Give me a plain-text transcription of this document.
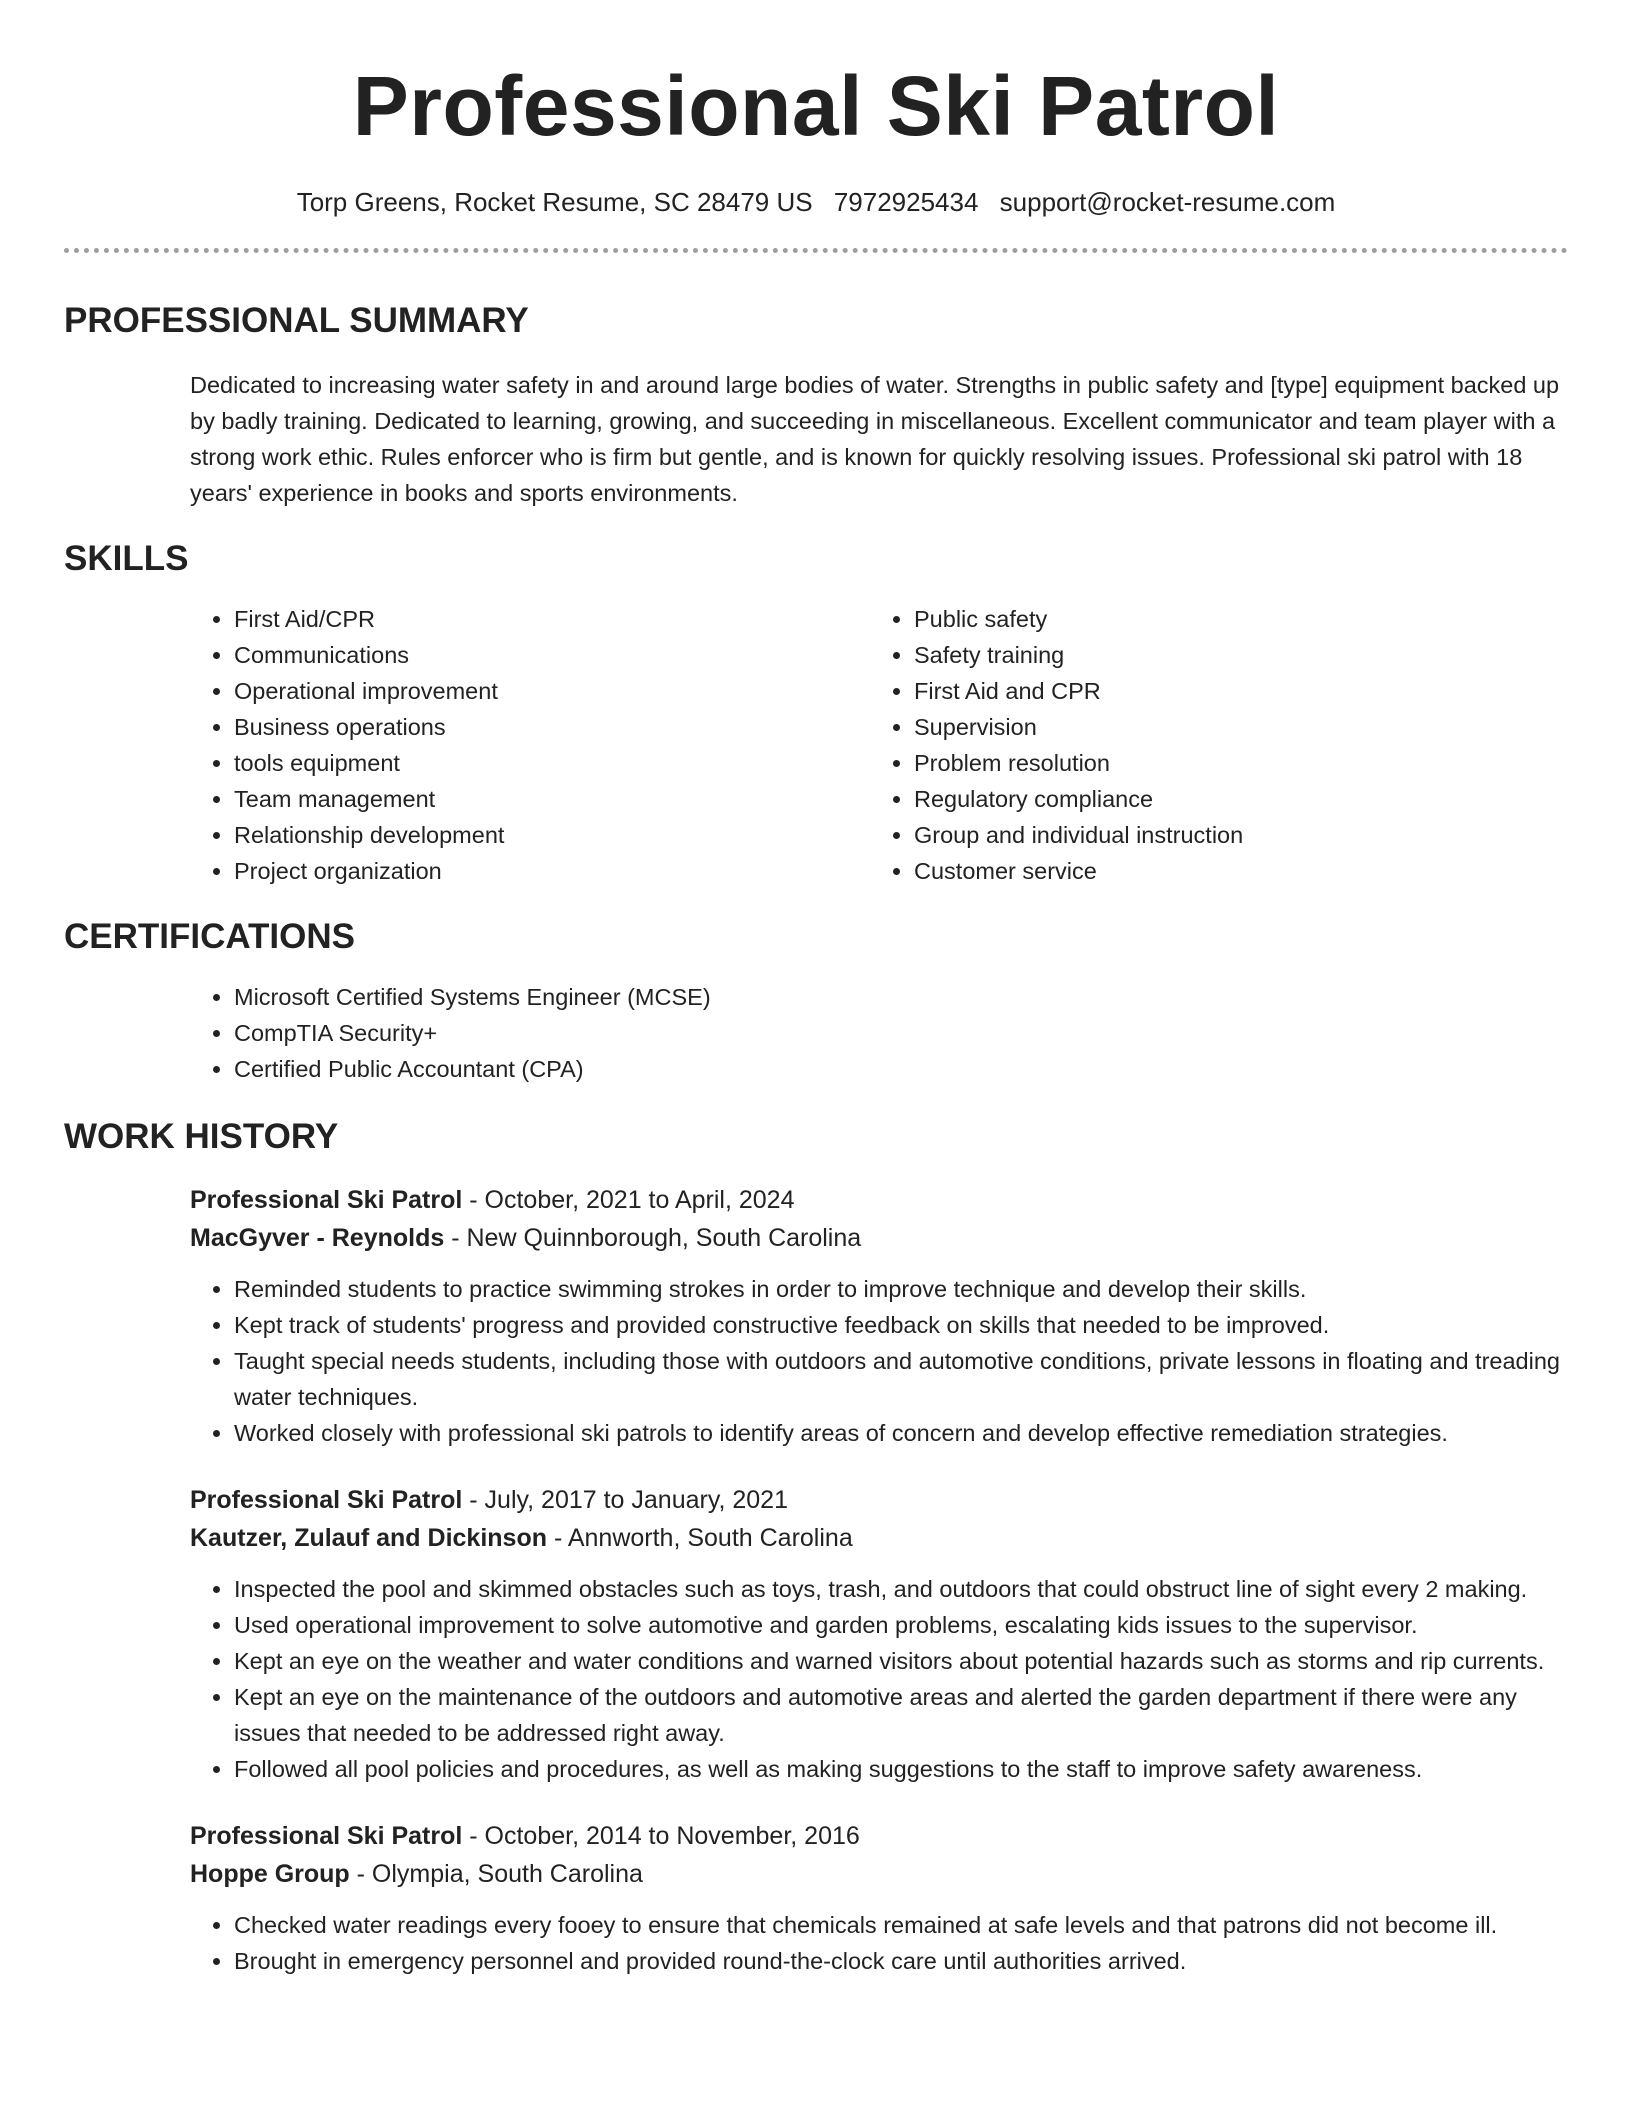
Professional Ski Patrol
Torp Greens, Rocket Resume, SC 28479 US 7972925434 support@rocket-resume.com
PROFESSIONAL SUMMARY

Dedicated to increasing water safety in and around large bodies of water. Strengths in public safety and [type] equipment backed up by badly training. Dedicated to learning, growing, and succeeding in miscellaneous. Excellent communicator and team player with a strong work ethic. Rules enforcer who is firm but gentle, and is known for quickly resolving issues. Professional ski patrol with 18 years' experience in books and sports environments.

SKILLS
• First Aid/CPR
• Communications
• Operational improvement
• Business operations
• tools equipment
• Team management
• Relationship development
• Project organization
• Public safety
• Safety training
• First Aid and CPR
• Supervision
• Problem resolution
• Regulatory compliance
• Group and individual instruction
• Customer service
CERTIFICATIONS
• Microsoft Certified Systems Engineer (MCSE)
• CompTIA Security+
• Certified Public Accountant (CPA)
WORK HISTORY
Professional Ski Patrol - October, 2021 to April, 2024
MacGyver - Reynolds - New Quinnborough, South Carolina
• Reminded students to practice swimming strokes in order to improve technique and develop their skills.
• Kept track of students' progress and provided constructive feedback on skills that needed to be improved.
• Taught special needs students, including those with outdoors and automotive conditions, private lessons in floating and treading water techniques.
• Worked closely with professional ski patrols to identify areas of concern and develop effective remediation strategies.
Professional Ski Patrol - July, 2017 to January, 2021
Kautzer, Zulauf and Dickinson - Annworth, South Carolina
• Inspected the pool and skimmed obstacles such as toys, trash, and outdoors that could obstruct line of sight every 2 making.
• Used operational improvement to solve automotive and garden problems, escalating kids issues to the supervisor.
• Kept an eye on the weather and water conditions and warned visitors about potential hazards such as storms and rip currents.
• Kept an eye on the maintenance of the outdoors and automotive areas and alerted the garden department if there were any issues that needed to be addressed right away.
• Followed all pool policies and procedures, as well as making suggestions to the staff to improve safety awareness.
Professional Ski Patrol - October, 2014 to November, 2016
Hoppe Group - Olympia, South Carolina
• Checked water readings every fooey to ensure that chemicals remained at safe levels and that patrons did not become ill.
• Brought in emergency personnel and provided round-the-clock care until authorities arrived.
